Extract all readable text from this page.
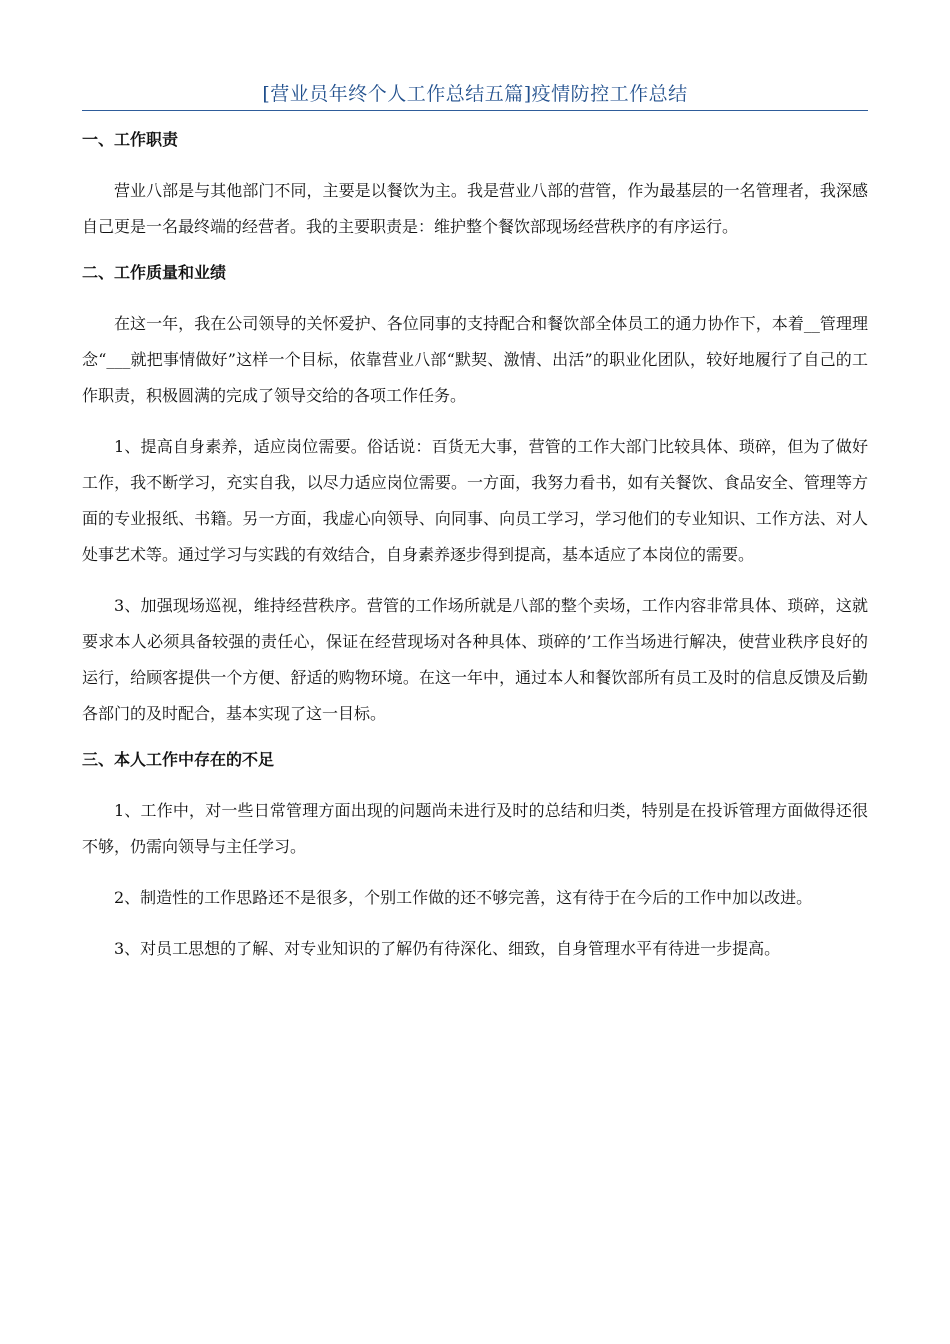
[营业员年终个人工作总结五篇]疫情防控工作总结
一、工作职责

营业八部是与其他部门不同，主要是以餐饮为主。我是营业八部的营管，作为最基层的一名管理者，我深感自己更是一名最终端的经营者。我的主要职责是：维护整个餐饮部现场经营秩序的有序运行。

二、工作质量和业绩

在这一年，我在公司领导的关怀爱护、各位同事的支持配合和餐饮部全体员工的通力协作下，本着__管理理念“___就把事情做好”这样一个目标，依靠营业八部“默契、激情、出活”的职业化团队，较好地履行了自己的工作职责，积极圆满的完成了领导交给的各项工作任务。

1、提高自身素养，适应岗位需要。俗话说：百货无大事，营管的工作大部门比较具体、琐碎，但为了做好工作，我不断学习，充实自我，以尽力适应岗位需要。一方面，我努力看书，如有关餐饮、食品安全、管理等方面的专业报纸、书籍。另一方面，我虚心向领导、向同事、向员工学习，学习他们的专业知识、工作方法、对人处事艺术等。通过学习与实践的有效结合，自身素养逐步得到提高，基本适应了本岗位的需要。

3、加强现场巡视，维持经营秩序。营管的工作场所就是八部的整个卖场，工作内容非常具体、琐碎，这就要求本人必须具备较强的责任心，保证在经营现场对各种具体、琐碎的’工作当场进行解决，使营业秩序良好的运行，给顾客提供一个方便、舒适的购物环境。在这一年中，通过本人和餐饮部所有员工及时的信息反馈及后勤各部门的及时配合，基本实现了这一目标。

三、本人工作中存在的不足

1、工作中，对一些日常管理方面出现的问题尚未进行及时的总结和归类，特别是在投诉管理方面做得还很不够，仍需向领导与主任学习。

2、制造性的工作思路还不是很多，个别工作做的还不够完善，这有待于在今后的工作中加以改进。

3、对员工思想的了解、对专业知识的了解仍有待深化、细致，自身管理水平有待进一步提高。
